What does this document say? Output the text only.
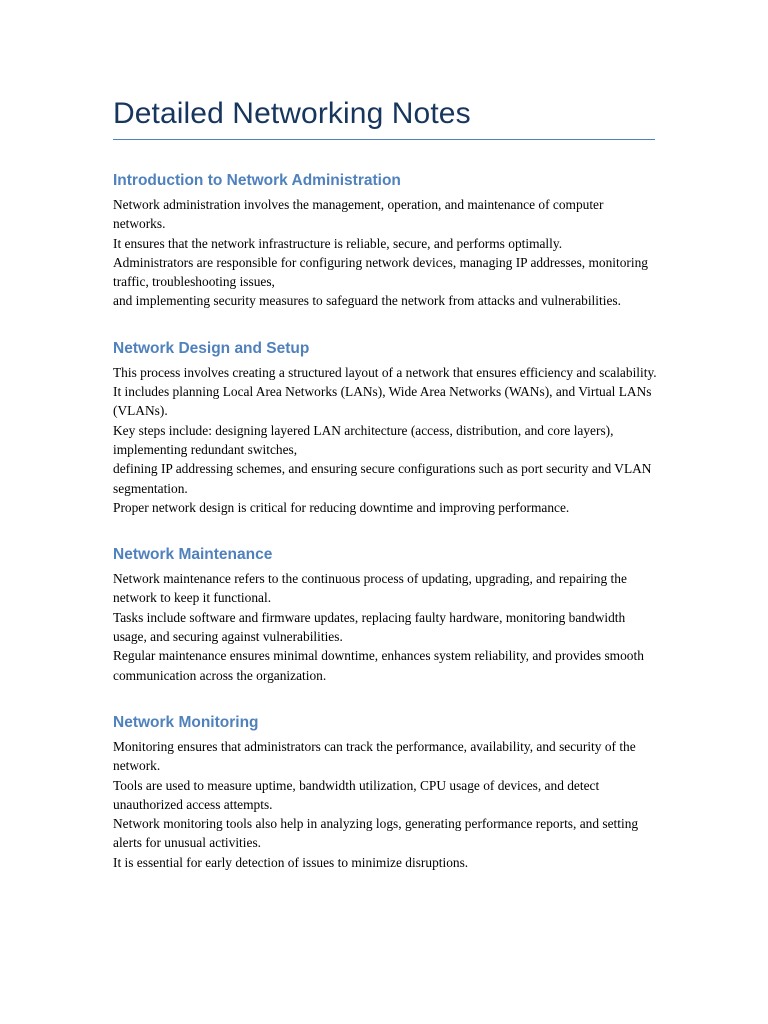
Detailed Networking Notes
Introduction to Network Administration

Network administration involves the management, operation, and maintenance of computer networks.

It ensures that the network infrastructure is reliable, secure, and performs optimally.

Administrators are responsible for configuring network devices, managing IP addresses, monitoring traffic, troubleshooting issues,

and implementing security measures to safeguard the network from attacks and vulnerabilities.

Network Design and Setup

This process involves creating a structured layout of a network that ensures efficiency and scalability.

It includes planning Local Area Networks (LANs), Wide Area Networks (WANs), and Virtual LANs (VLANs).

Key steps include: designing layered LAN architecture (access, distribution, and core layers), implementing redundant switches,

defining IP addressing schemes, and ensuring secure configurations such as port security and VLAN segmentation.

Proper network design is critical for reducing downtime and improving performance.

Network Maintenance

Network maintenance refers to the continuous process of updating, upgrading, and repairing the network to keep it functional.

Tasks include software and firmware updates, replacing faulty hardware, monitoring bandwidth usage, and securing against vulnerabilities.

Regular maintenance ensures minimal downtime, enhances system reliability, and provides smooth communication across the organization.

Network Monitoring

Monitoring ensures that administrators can track the performance, availability, and security of the network.

Tools are used to measure uptime, bandwidth utilization, CPU usage of devices, and detect unauthorized access attempts.

Network monitoring tools also help in analyzing logs, generating performance reports, and setting alerts for unusual activities.

It is essential for early detection of issues to minimize disruptions.
